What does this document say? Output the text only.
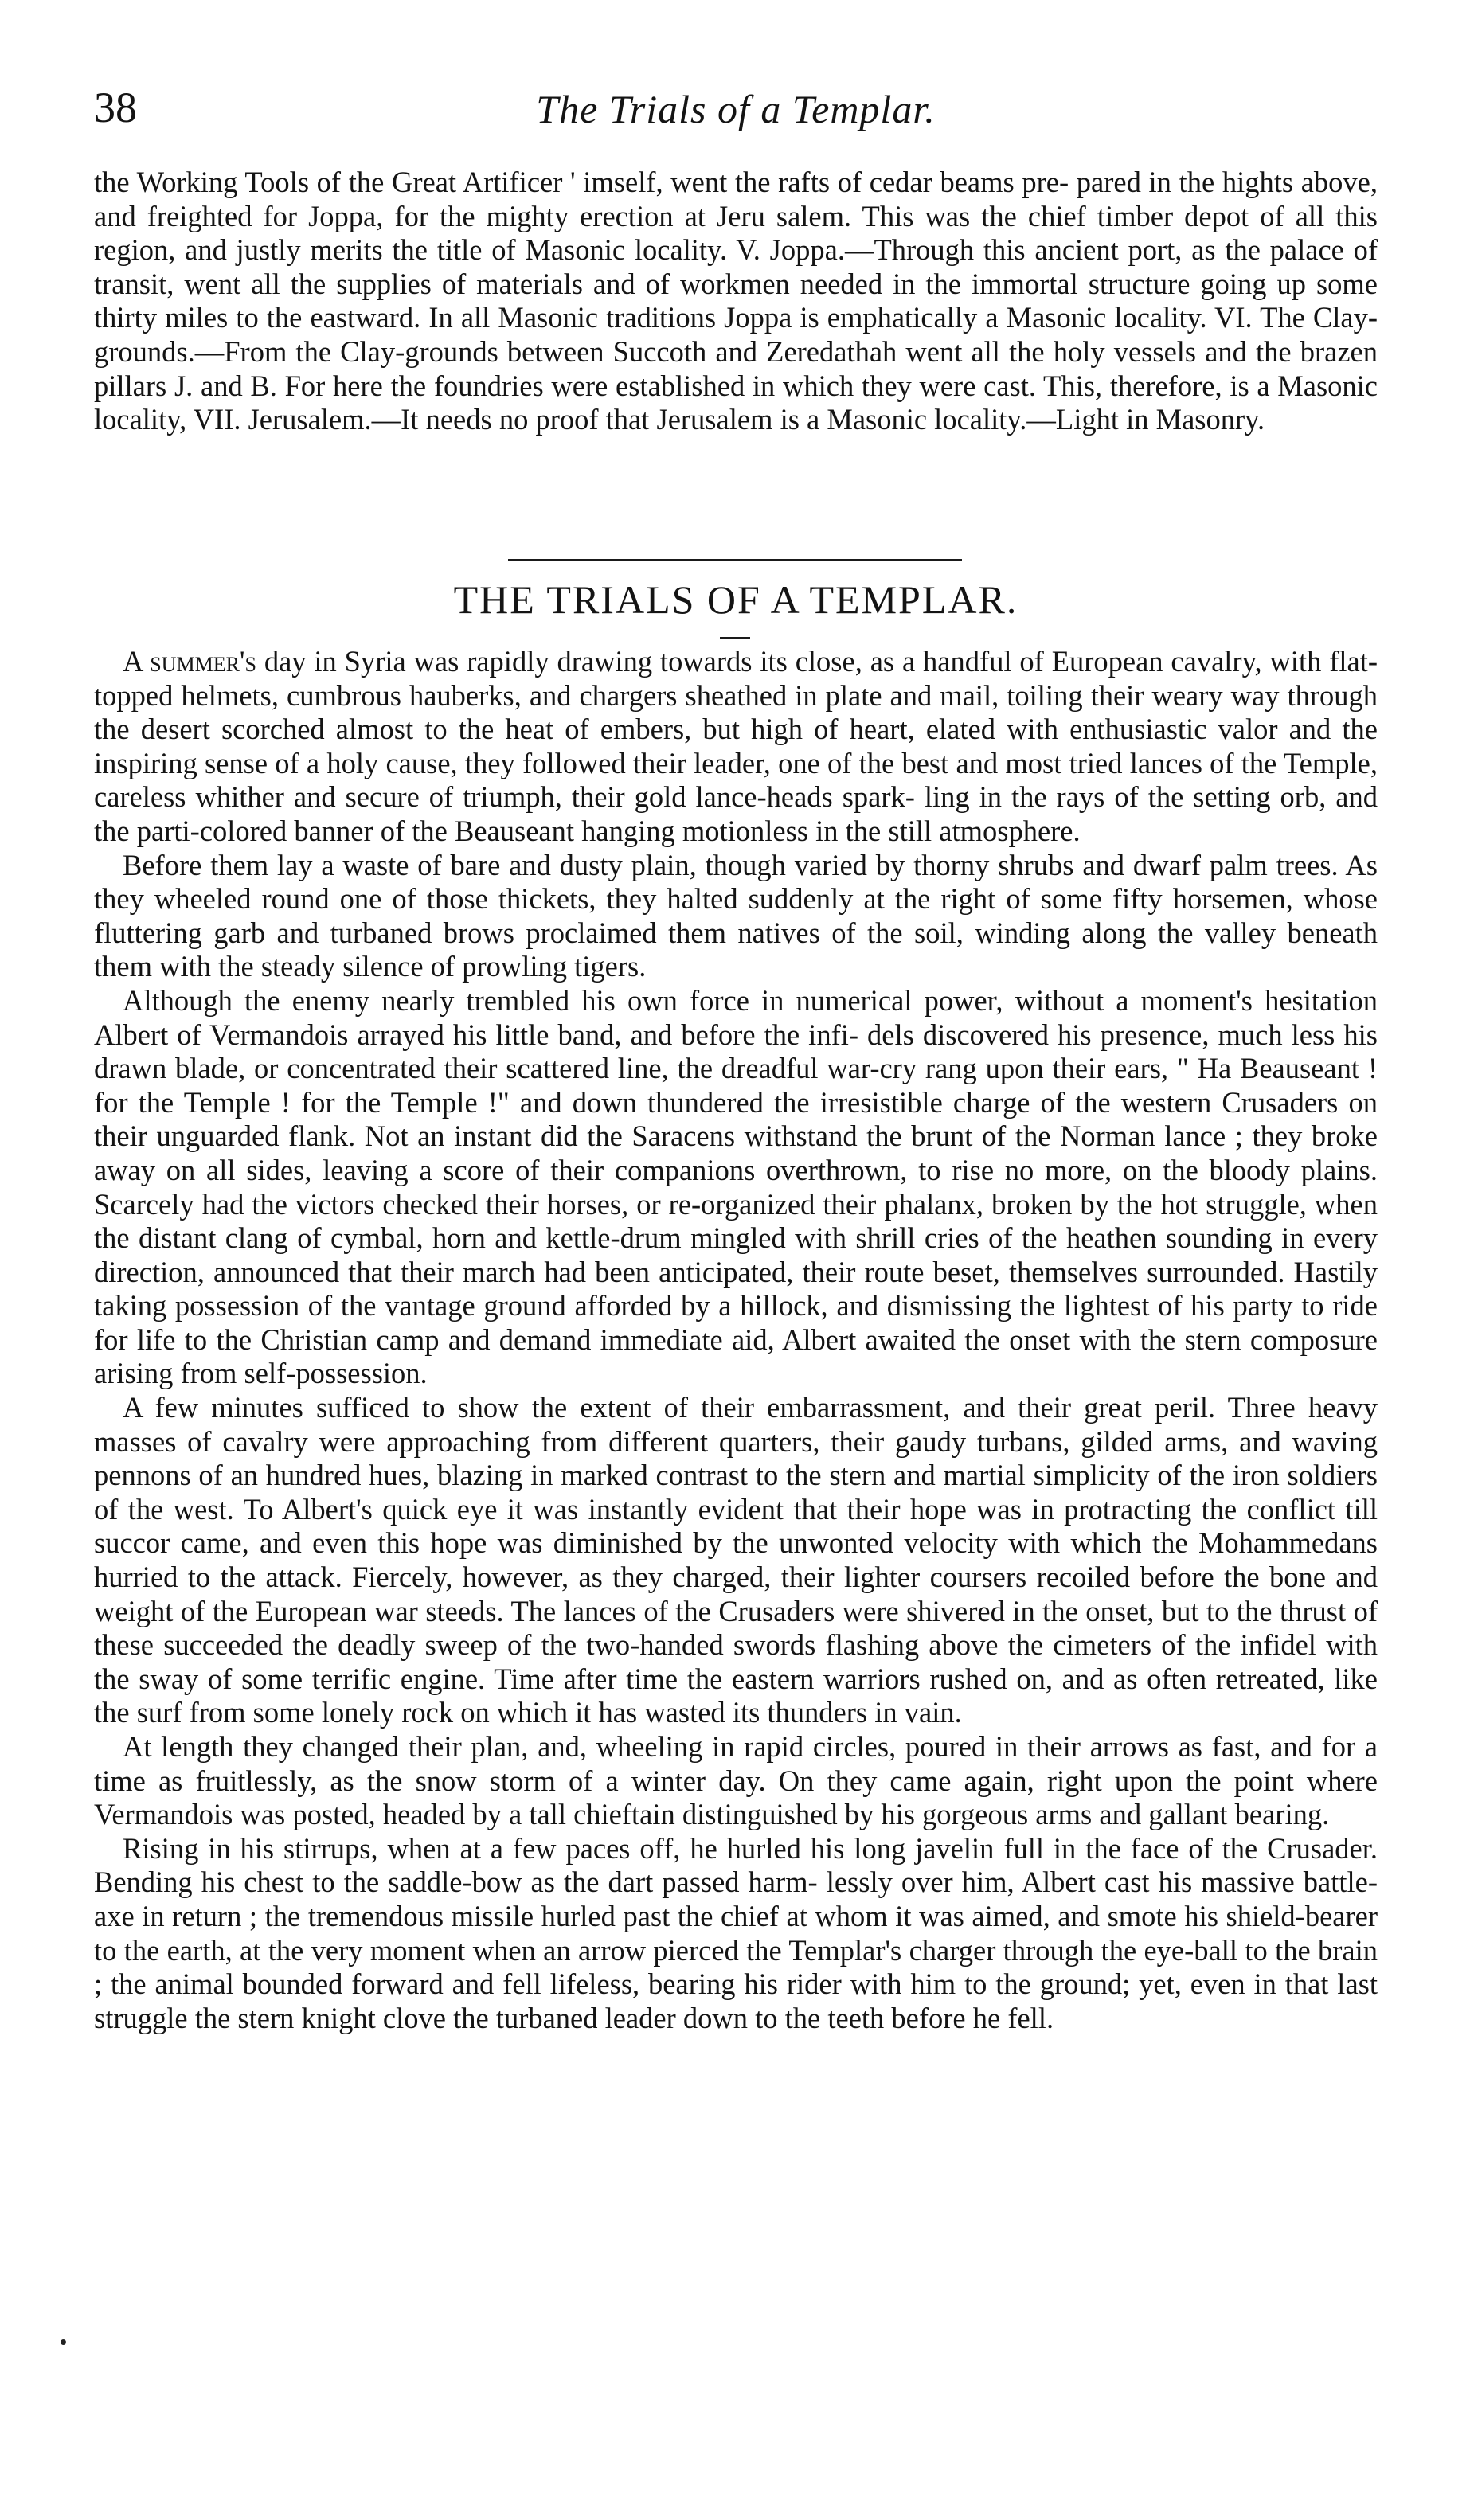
38	The Trials of a Templar.

the Working Tools of the Great Artificer ' imself, went the rafts of cedar beams pre- pared in the hights above, and freighted for Joppa, for the mighty erection at Jeru salem. This was the chief timber depot of all this region, and justly merits the title of Masonic locality. V. Joppa.—Through this ancient port, as the palace of transit, went all the supplies of materials and of workmen needed in the immortal structure going up some thirty miles to the eastward. In all Masonic traditions Joppa is emphatically a Masonic locality. VI. The Clay-grounds.—From the Clay-grounds between Succoth and Zeredathah went all the holy vessels and the brazen pillars J. and B. For here the foundries were established in which they were cast. This, therefore, is a Masonic locality, VII. Jerusalem.—It needs no proof that Jerusalem is a Masonic locality.—Light in Masonry.

THE TRIALS OF A TEMPLAR.

A summer's day in Syria was rapidly drawing towards its close, as a handful of European cavalry, with flat-topped helmets, cumbrous hauberks, and chargers sheathed in plate and mail, toiling their weary way through the desert scorched almost to the heat of embers, but high of heart, elated with enthusiastic valor and the inspiring sense of a holy cause, they followed their leader, one of the best and most tried lances of the Temple, careless whither and secure of triumph, their gold lance-heads spark- ling in the rays of the setting orb, and the parti-colored banner of the Beauseant hanging motionless in the still atmosphere.

Before them lay a waste of bare and dusty plain, though varied by thorny shrubs and dwarf palm trees. As they wheeled round one of those thickets, they halted suddenly at the right of some fifty horsemen, whose fluttering garb and turbaned brows proclaimed them natives of the soil, winding along the valley beneath them with the steady silence of prowling tigers.

Although the enemy nearly trembled his own force in numerical power, without a moment's hesitation Albert of Vermandois arrayed his little band, and before the infi- dels discovered his presence, much less his drawn blade, or concentrated their scattered line, the dreadful war-cry rang upon their ears, " Ha Beauseant ! for the Temple ! for the Temple !" and down thundered the irresistible charge of the western Crusaders on their unguarded flank. Not an instant did the Saracens withstand the brunt of the Norman lance ; they broke away on all sides, leaving a score of their companions overthrown, to rise no more, on the bloody plains. Scarcely had the victors checked their horses, or re-organized their phalanx, broken by the hot struggle, when the distant clang of cymbal, horn and kettle-drum mingled with shrill cries of the heathen sounding in every direction, announced that their march had been anticipated, their route beset, themselves surrounded. Hastily taking possession of the vantage ground afforded by a hillock, and dismissing the lightest of his party to ride for life to the Christian camp and demand immediate aid, Albert awaited the onset with the stern composure arising from self-possession.

A few minutes sufficed to show the extent of their embarrassment, and their great peril. Three heavy masses of cavalry were approaching from different quarters, their gaudy turbans, gilded arms, and waving pennons of an hundred hues, blazing in marked contrast to the stern and martial simplicity of the iron soldiers of the west. To Albert's quick eye it was instantly evident that their hope was in protracting the conflict till succor came, and even this hope was diminished by the unwonted velocity with which the Mohammedans hurried to the attack. Fiercely, however, as they charged, their lighter coursers recoiled before the bone and weight of the European war steeds. The lances of the Crusaders were shivered in the onset, but to the thrust of these succeeded the deadly sweep of the two-handed swords flashing above the cimeters of the infidel with the sway of some terrific engine. Time after time the eastern warriors rushed on, and as often retreated, like the surf from some lonely rock on which it has wasted its thunders in vain.

At length they changed their plan, and, wheeling in rapid circles, poured in their arrows as fast, and for a time as fruitlessly, as the snow storm of a winter day. On they came again, right upon the point where Vermandois was posted, headed by a tall chieftain distinguished by his gorgeous arms and gallant bearing.

Rising in his stirrups, when at a few paces off, he hurled his long javelin full in the face of the Crusader. Bending his chest to the saddle-bow as the dart passed harm- lessly over him, Albert cast his massive battle-axe in return ; the tremendous missile hurled past the chief at whom it was aimed, and smote his shield-bearer to the earth, at the very moment when an arrow pierced the Templar's charger through the eye-ball to the brain ; the animal bounded forward and fell lifeless, bearing his rider with him to the ground; yet, even in that last struggle the stern knight clove the turbaned leader down to the teeth before he fell.
